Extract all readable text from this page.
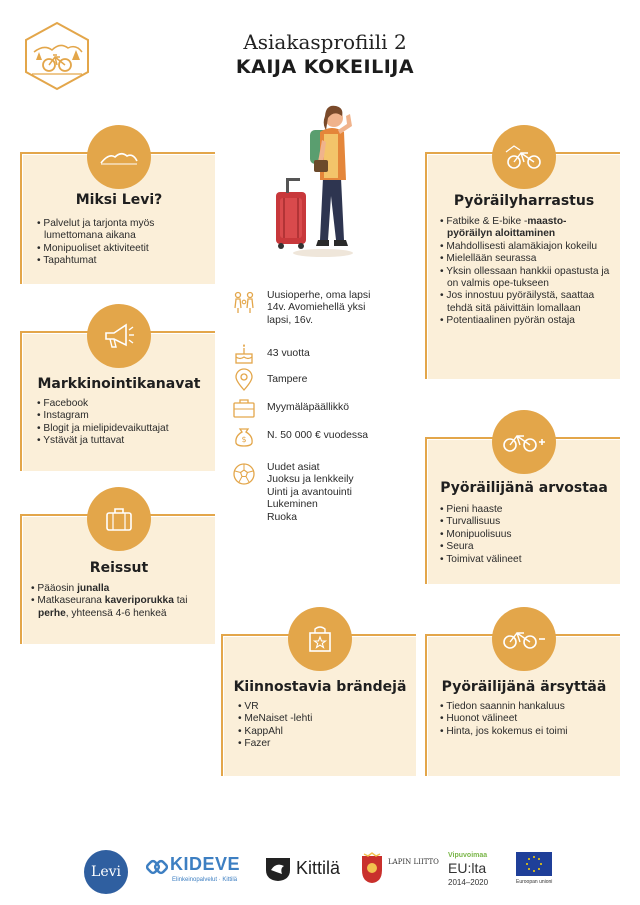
Asiakasprofiili 2
KAIJA KOKEILIJA
Miksi Levi?
• Palvelut ja tarjonta myös lumettomana aikana
• Monipuoliset aktiviteetit
• Tapahtumat
Markkinointikanavat
• Facebook
• Instagram
• Blogit ja mielipidevaikuttajat
• Ystävät ja tuttavat
Reissut
• Pääosin junalla
• Matkaseurana kaveriporukka tai perhe, yhteensä 4-6 henkeä
Pyöräilyharrastus
• Fatbike & E-bike -maasto-pyöräilyn aloittaminen
• Mahdollisesti alamäkiajon kokeilu
• Mielellään seurassa
• Yksin ollessaan hankkii opastusta ja on valmis ope-tukseen
• Jos innostuu pyöräilystä, saattaa tehdä sitä päivittäin lomallaan
• Potentiaalinen pyörän ostaja
Pyöräilijänä arvostaa
• Pieni haaste
• Turvallisuus
• Monipuolisuus
• Seura
• Toimivat välineet
Kiinnostavia brändejä
• VR
• MeNaiset -lehti
• KappAhl
• Fazer
Pyöräilijänä ärsyttää
• Tiedon saannin hankaluus
• Huonot välineet
• Hinta, jos kokemus ei toimi
Uusioperhe, oma lapsi
14v. Avomiehellä yksi
lapsi, 16v.
43 vuotta
Tampere
Myymäläpäällikkö
$ N. 50 000 € vuodessa
Uudet asiat
Juoksu ja lenkkeily
Uinti ja avantouinti
Lukeminen
Ruoka
Levi	KIDEVE
Elinkeinopalvelut · Kittilä
Kittilä	LAPIN LIITTO
Vipuvoimaa
EU:lta
2014–2020	Euroopan unioni
